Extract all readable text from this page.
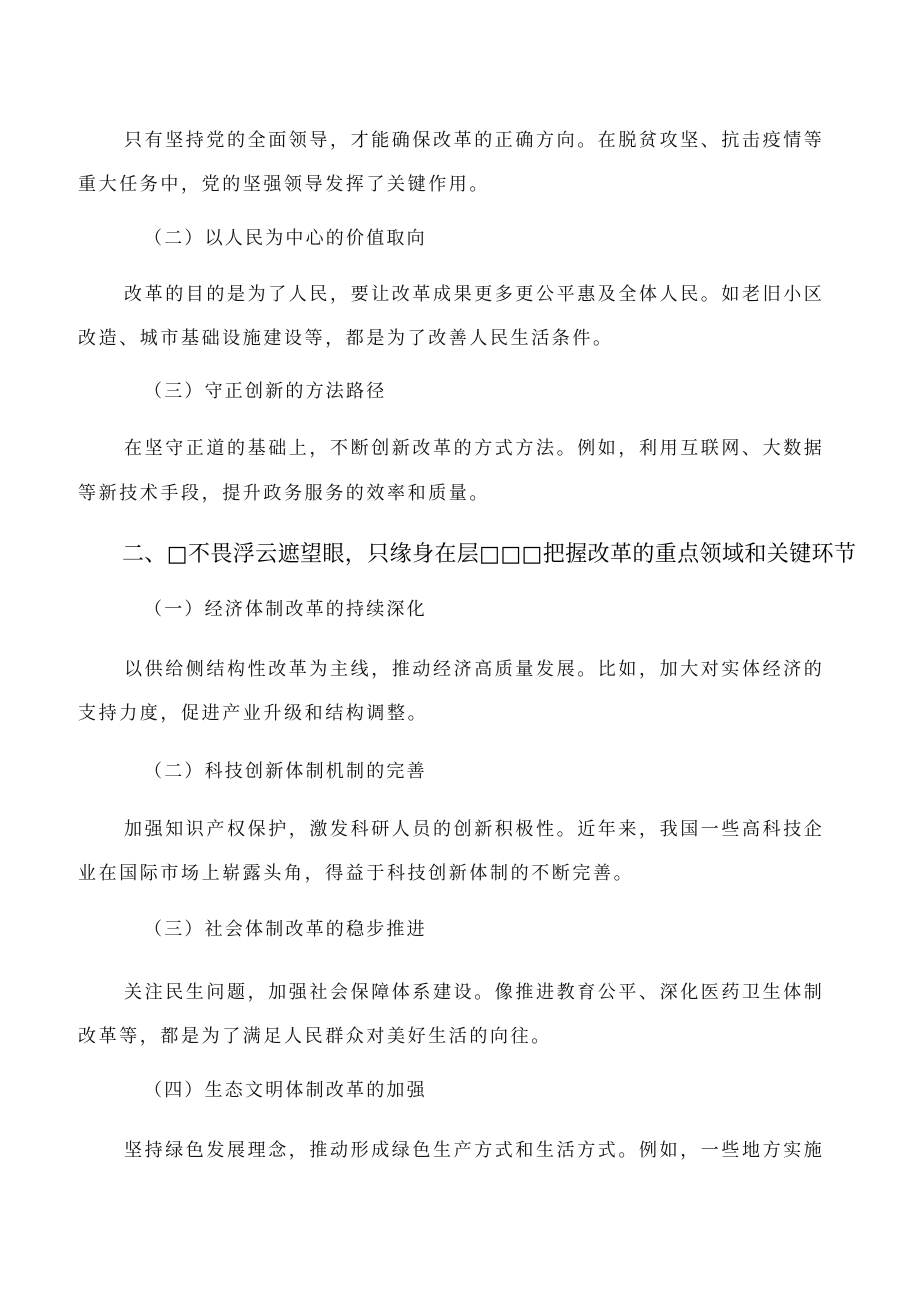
只有坚持党的全面领导，才能确保改革的正确方向。在脱贫攻坚、抗击疫情等
重大任务中，党的坚强领导发挥了关键作用。
（二）以人民为中心的价值取向
改革的目的是为了人民，要让改革成果更多更公平惠及全体人民。如老旧小区
改造、城市基础设施建设等，都是为了改善人民生活条件。
（三）守正创新的方法路径
在坚守正道的基础上，不断创新改革的方式方法。例如，利用互联网、大数据
等新技术手段，提升政务服务的效率和质量。
二、□不畏浮云遮望眼，只缘身在层□□□把握改革的重点领域和关键环节
（一）经济体制改革的持续深化
以供给侧结构性改革为主线，推动经济高质量发展。比如，加大对实体经济的
支持力度，促进产业升级和结构调整。
（二）科技创新体制机制的完善
加强知识产权保护，激发科研人员的创新积极性。近年来，我国一些高科技企
业在国际市场上崭露头角，得益于科技创新体制的不断完善。
（三）社会体制改革的稳步推进
关注民生问题，加强社会保障体系建设。像推进教育公平、深化医药卫生体制
改革等，都是为了满足人民群众对美好生活的向往。
（四）生态文明体制改革的加强
坚持绿色发展理念，推动形成绿色生产方式和生活方式。例如，一些地方实施
